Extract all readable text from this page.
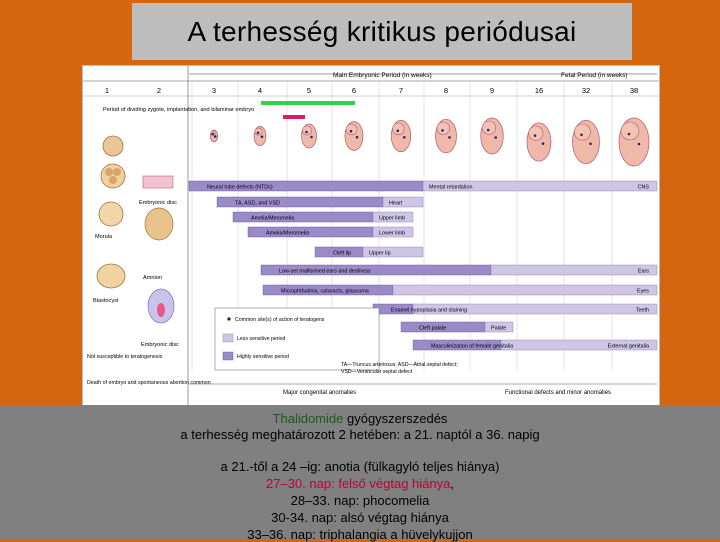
A terhesség kritikus periódusai
Main Embryonic Period (in weeks)	Fetal Period (in weeks)
1	2	3	4	5	6	7	8	9	16	32	38
Period of dividing zygote, implantation, and bilaminar embryo
Morula
Blastocyst
Embryonic disc
Amnion
Embryonic disc
Not susceptible to teratogenesis
Death of embryo and spontaneous abortion common
Neural tube defects (NTDs)	Mental retardation	CNS
TA, ASD, and VSD	Heart
Amelia/Meromelia	Upper limb
Amelia/Meromelia	Lower limb
Cleft lip	Upper lip
Low-set malformed ears and deafness	Ears
Microphthalmia, cataracts, glaucoma	Eyes
Enamel hypoplasia and staining	Teeth
Cleft palate	Palate
Masculinization of female genitalia	External genitalia
Common site(s) of action of teratogens
Less sensitive period
Highly sensitive period
TA—Truncus arteriosus; ASD—Atrial septal defect;
VSD—Ventricular septal defect
Major congenital anomalies	Functional defects and minor anomalies
Thalidomide gyógyszerszedés
a terhesség meghatározott 2 hetében: a 21. naptól a 36. napig
a 21.-től a 24 –ig: anotia (fülkagyló teljes hiánya)
27–30. nap: felső végtag hiánya,
28–33. nap: phocomelia
30-34. nap: alsó végtag hiánya
33–36. nap: triphalangia a hüvelykujjon
